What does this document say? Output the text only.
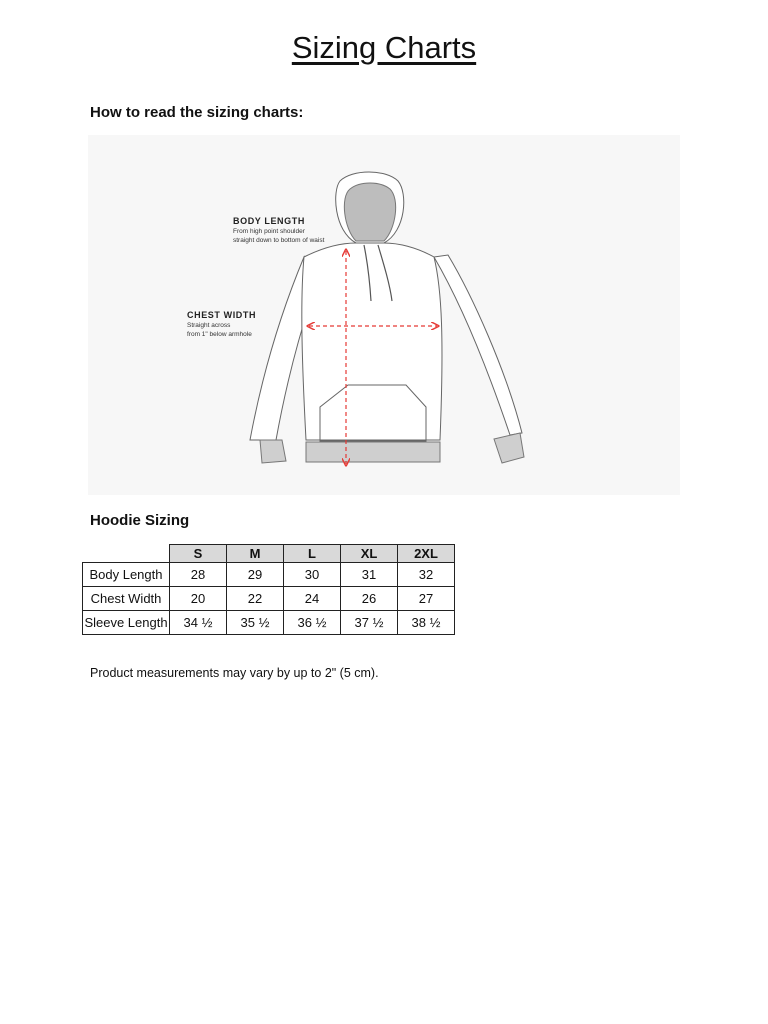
Sizing Charts
How to read the sizing charts:
BODY LENGTH
From high point shoulder
straight down to bottom of waist
CHEST WIDTH
Straight across
from 1" below armhole
Hoodie Sizing
	S	M	L	XL	2XL
Body Length	28	29	30	31	32
Chest Width	20	22	24	26	27
Sleeve Length	34 ½	35 ½	36 ½	37 ½	38 ½
Product measurements may vary by up to 2" (5 cm).
